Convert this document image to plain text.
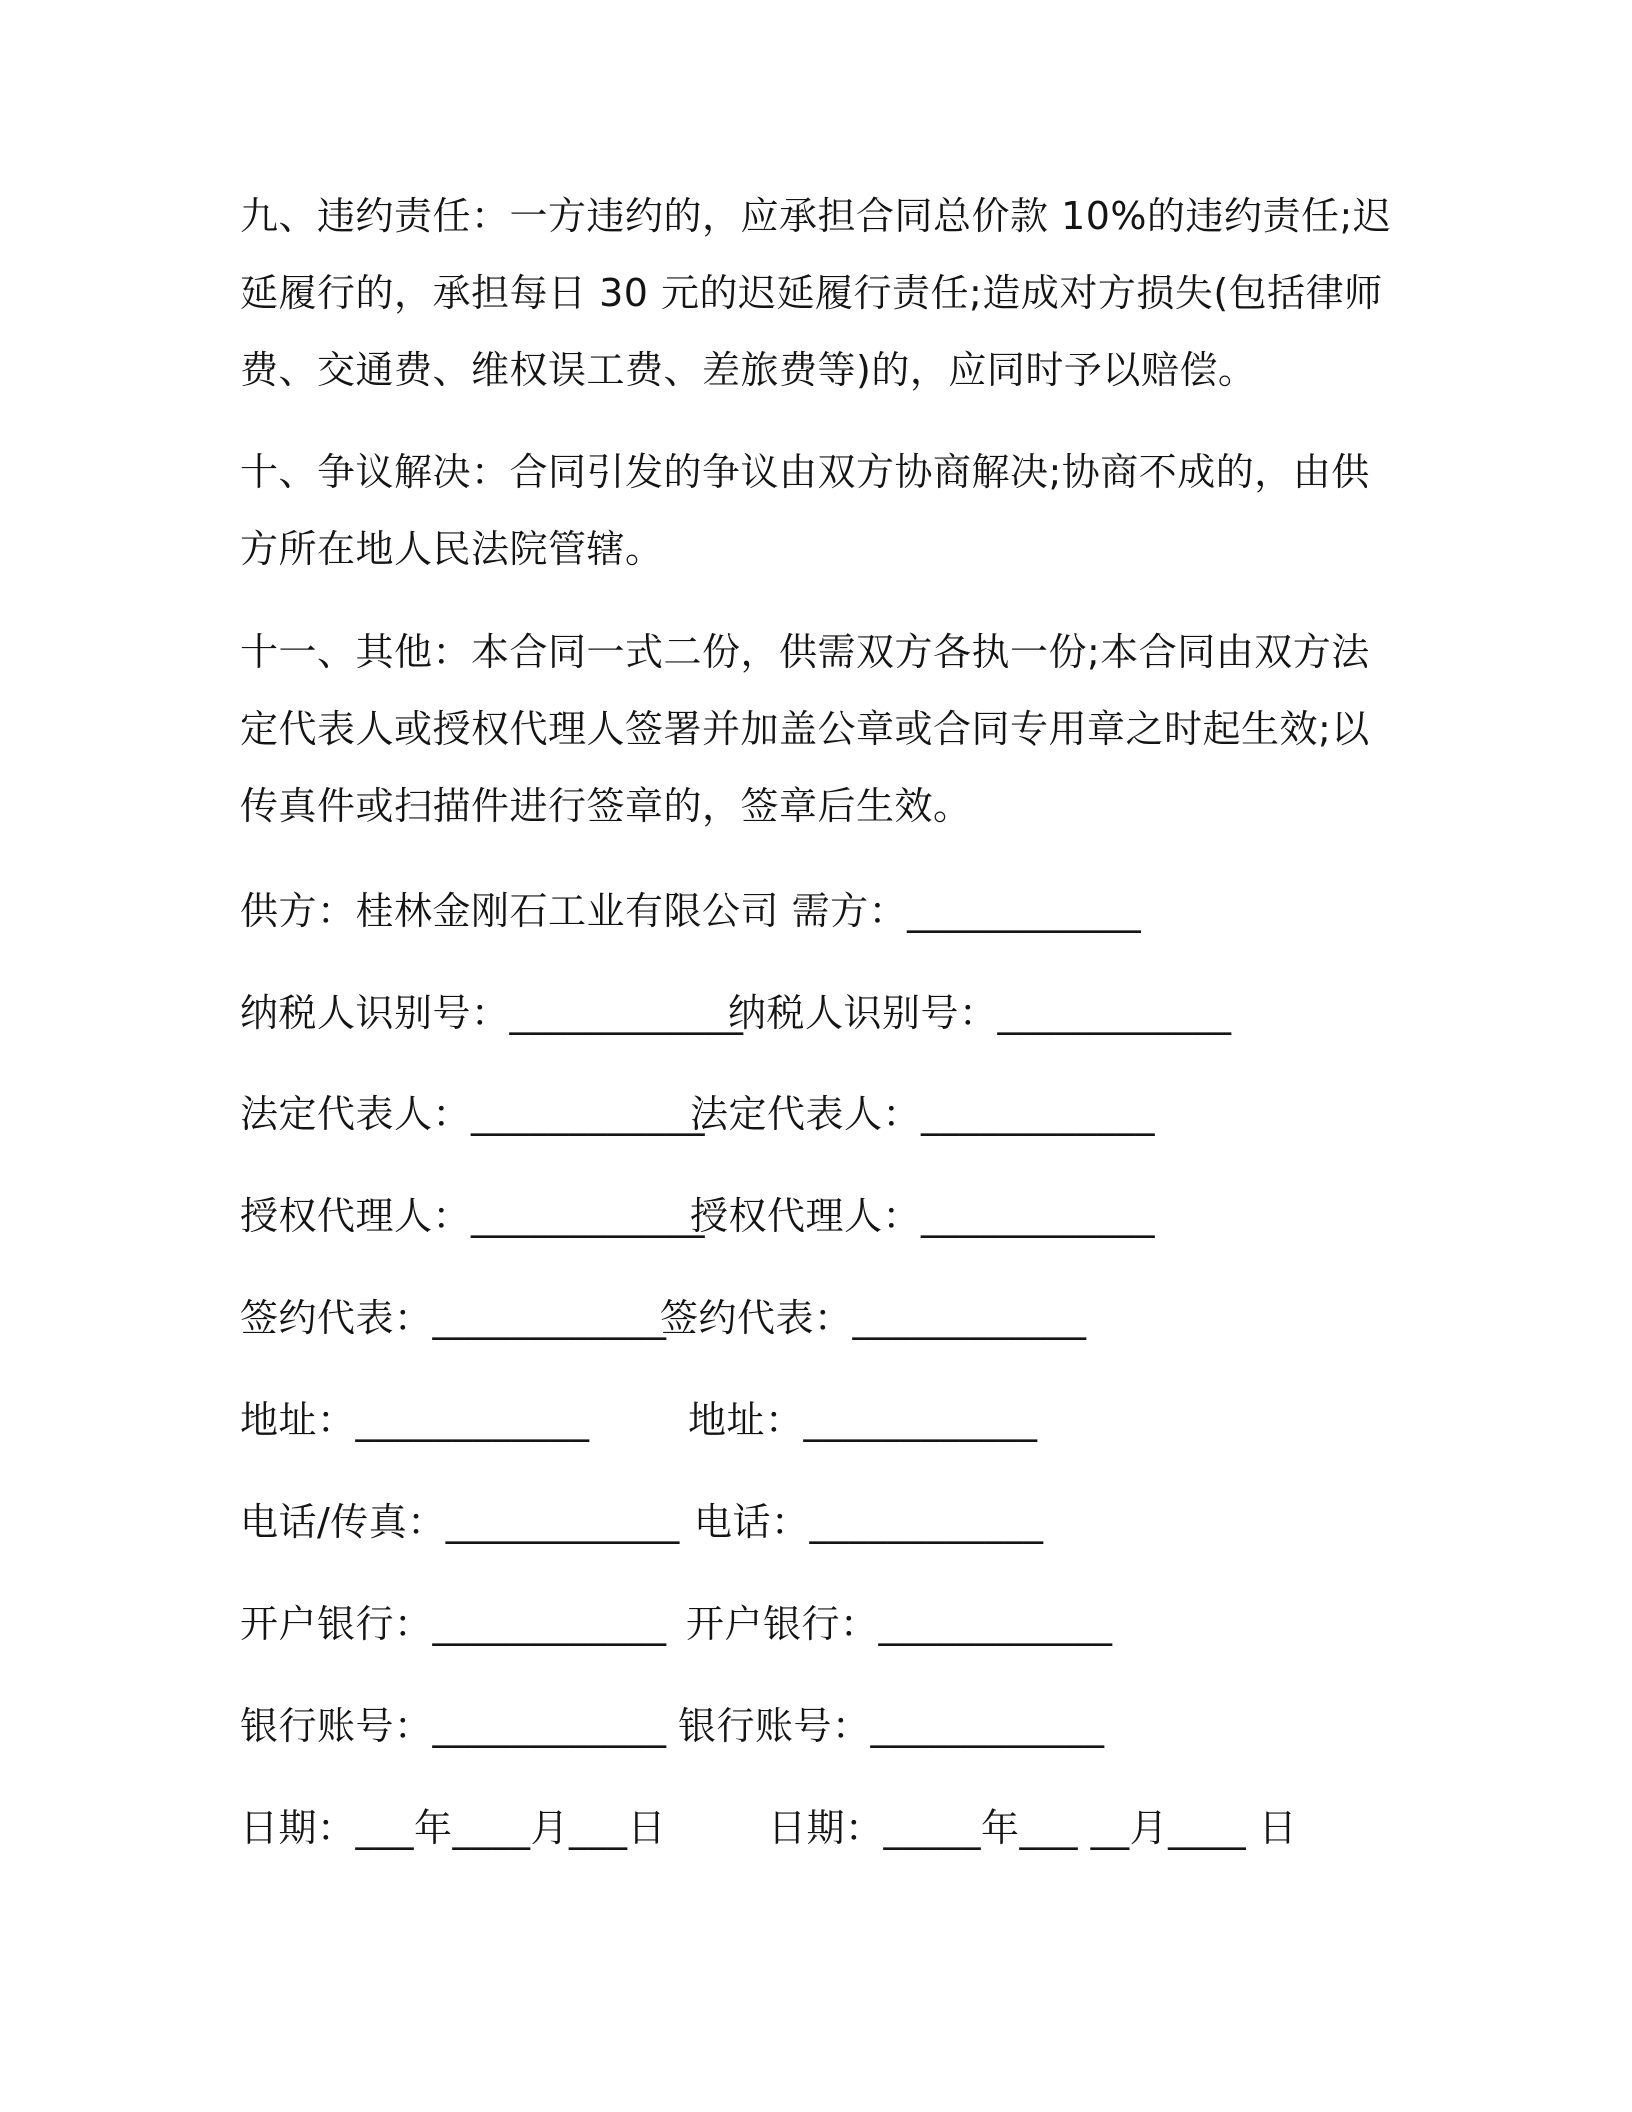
九、违约责任：一方违约的，应承担合同总价款 10%的违约责任;迟延履行的，承担每日 30 元的迟延履行责任;造成对方损失(包括律师费、交通费、维权误工费、差旅费等)的，应同时予以赔偿。
十、争议解决：合同引发的争议由双方协商解决;协商不成的，由供方所在地人民法院管辖。
十一、其他：本合同一式二份，供需双方各执一份;本合同由双方法定代表人或授权代理人签署并加盖公章或合同专用章之时起生效;以传真件或扫描件进行签章的，签章后生效。
供方：桂林金刚石工业有限公司 需方：____________
纳税人识别号：____________
纳税人识别号：____________
法定代表人：____________
法定代表人：____________
授权代理人：____________
授权代理人：____________
签约代表：____________
签约代表：____________
地址：____________	地址：____________
电话/传真：____________ 电话：____________
开户银行：____________ 开户银行：____________
银行账号：____________ 银行账号：____________
日期：___年____月___日	日期：_____年___ __月____ 日
